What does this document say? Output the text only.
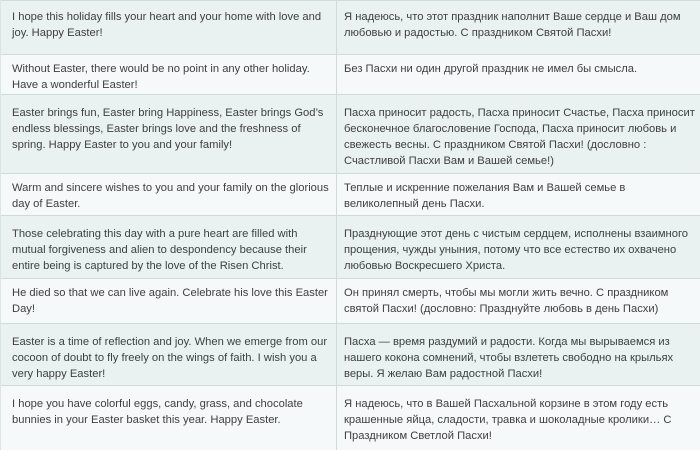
I hope this holiday fills your heart and your home with love and joy. Happy Easter!
Я надеюсь, что этот праздник наполнит Ваше сердце и Ваш дом любовью и радостью. С праздником Святой Пасхи!
Without Easter, there would be no point in any other holiday. Have a wonderful Easter!
Без Пасхи ни один другой праздник не имел бы смысла.
Easter brings fun, Easter bring Happiness, Easter brings God’s endless blessings, Easter brings love and the freshness of spring. Happy Easter to you and your family!
Пасха приносит радость, Пасха приносит Счастье, Пасха приносит бесконечное благословение Господа, Пасха приносит любовь и свежесть весны. С праздником Святой Пасхи! (дословно : Счастливой Пасхи Вам и Вашей семье!)
Warm and sincere wishes to you and your family on the glorious day of Easter.
Теплые и искренние пожелания Вам и Вашей семье в великолепный день Пасхи.
Those celebrating this day with a pure heart are filled with mutual forgiveness and alien to despondency because their entire being is captured by the love of the Risen Christ.
Празднующие этот день с чистым сердцем, исполнены взаимного прощения, чужды уныния, потому что все естество их охвачено любовью Воскресшего Христа.
He died so that we can live again. Celebrate his love this Easter Day!
Он принял смерть, чтобы мы могли жить вечно. С праздником святой Пасхи! (дословно: Празднуйте любовь в день Пасхи)
Easter is a time of reflection and joy. When we emerge from our cocoon of doubt to fly freely on the wings of faith. I wish you a very happy Easter!
Пасха — время раздумий и радости. Когда мы вырываемся из нашего кокона сомнений, чтобы взлететь свободно на крыльях веры. Я желаю Вам радостной Пасхи!
I hope you have colorful eggs, candy, grass, and chocolate bunnies in your Easter basket this year. Happy Easter.
Я надеюсь, что в Вашей Пасхальной корзине в этом году есть крашенные яйца, сладости, травка и шоколадные кролики… С Праздником Светлой Пасхи!
